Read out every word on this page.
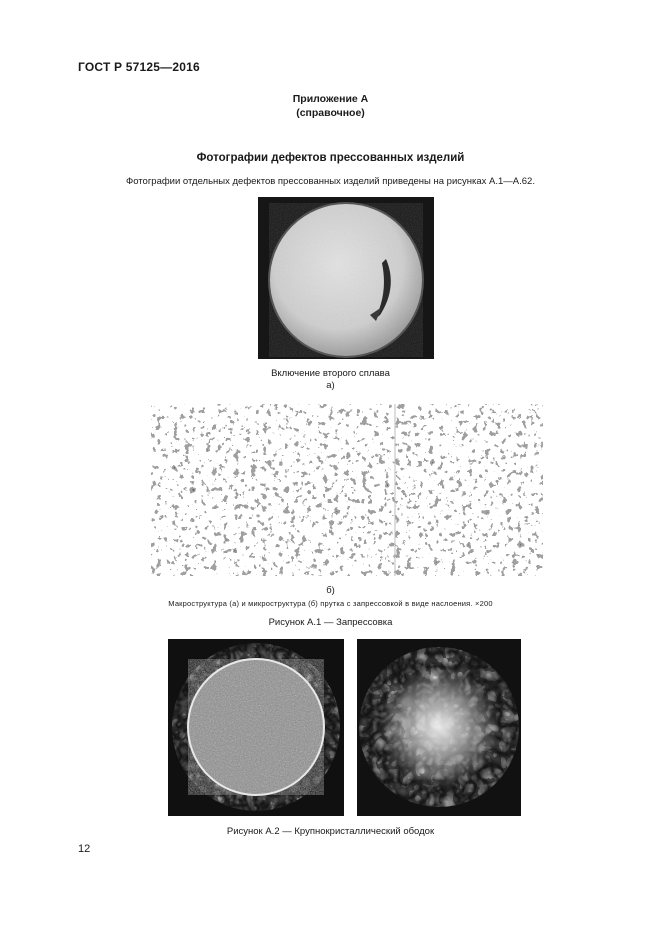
ГОСТ Р 57125—2016
Приложение А
(справочное)
Фотографии дефектов прессованных изделий
Фотографии отдельных дефектов прессованных изделий приведены на рисунках А.1—А.62.
Включение второго сплава
а)
б)
Макроструктура (а) и микроструктура (б) прутка с запрессовкой в виде наслоения. ×200
Рисунок А.1 — Запрессовка
Рисунок А.2 — Крупнокристаллический ободок
12
